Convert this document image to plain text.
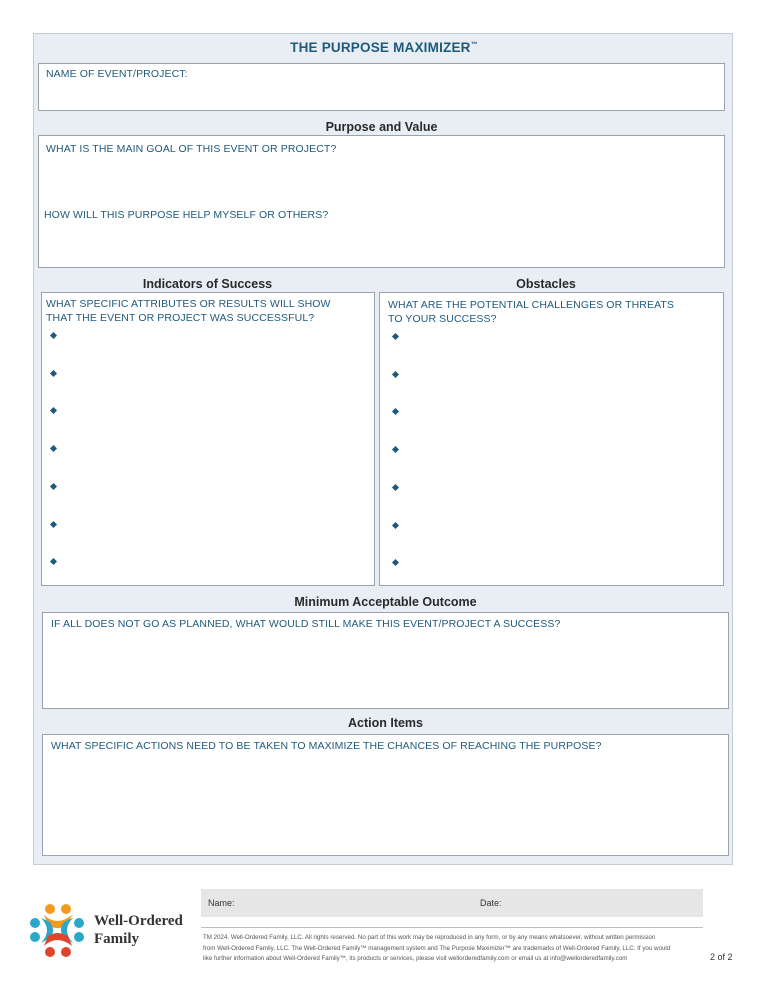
THE PURPOSE MAXIMIZER™
NAME OF EVENT/PROJECT:
Purpose and Value
WHAT IS THE MAIN GOAL OF THIS EVENT OR PROJECT?
HOW WILL THIS PURPOSE HELP MYSELF OR OTHERS?
Indicators of Success
WHAT SPECIFIC ATTRIBUTES OR RESULTS WILL SHOW
THAT THE EVENT OR PROJECT WAS SUCCESSFUL?
Obstacles
WHAT ARE THE POTENTIAL CHALLENGES OR THREATS
TO YOUR SUCCESS?
Minimum Acceptable Outcome
IF ALL DOES NOT GO AS PLANNED, WHAT WOULD STILL MAKE THIS EVENT/PROJECT A SUCCESS?
Action Items
WHAT SPECIFIC ACTIONS NEED TO BE TAKEN TO MAXIMIZE THE CHANCES OF REACHING THE PURPOSE?
Well-Ordered
Family
Name:	Date:
TM 2024. Well-Ordered Family, LLC. All rights reserved. No part of this work may be reproduced in any form, or by any means whatsoever, without written permission
from Well-Ordered Family, LLC. The Well-Ordered Family™ management system and The Purpose Maximizer™ are trademarks of Well-Ordered Family, LLC. If you would
like further information about Well-Ordered Family™, its products or services, please visit wellorderedfamily.com or email us at info@wellorderedfamily.com	2 of 2
